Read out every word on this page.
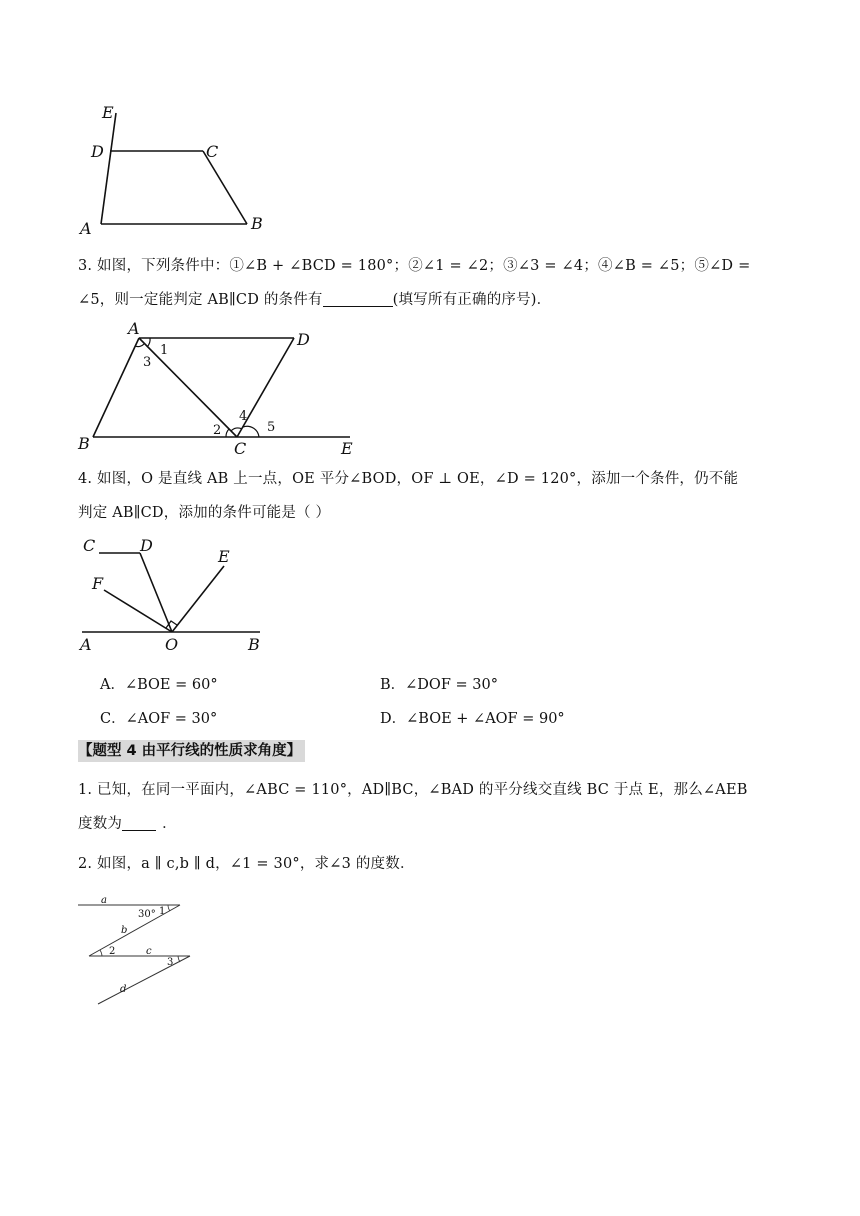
E
D	C
A	B
3. 如图，下列条件中：①∠B + ∠BCD = 180°；②∠1 = ∠2；③∠3 = ∠4；④∠B = ∠5；⑤∠D =
∠5，则一定能判定 AB∥CD 的条件有	(填写所有正确的序号)．
A
D
B	C	E
1
3
2
4
5
4. 如图，O 是直线 AB 上一点，OE 平分∠BOD，OF ⊥ OE，∠D = 120°，添加一个条件，仍不能
判定 AB∥CD，添加的条件可能是（ ）
C	D
E
F
A	O	B
A．∠BOE = 60°	B．∠DOF = 30°
C．∠AOF = 30°	D．∠BOE + ∠AOF = 90°
【题型 4 由平行线的性质求角度】
1. 已知，在同一平面内，∠ABC = 110°，AD∥BC，∠BAD 的平分线交直线 BC 于点 E，那么∠AEB
度数为	．
2. 如图，a ∥ c,b ∥ d，∠1 = 30°，求∠3 的度数．
a
30° 1
b
2	c
3
d
